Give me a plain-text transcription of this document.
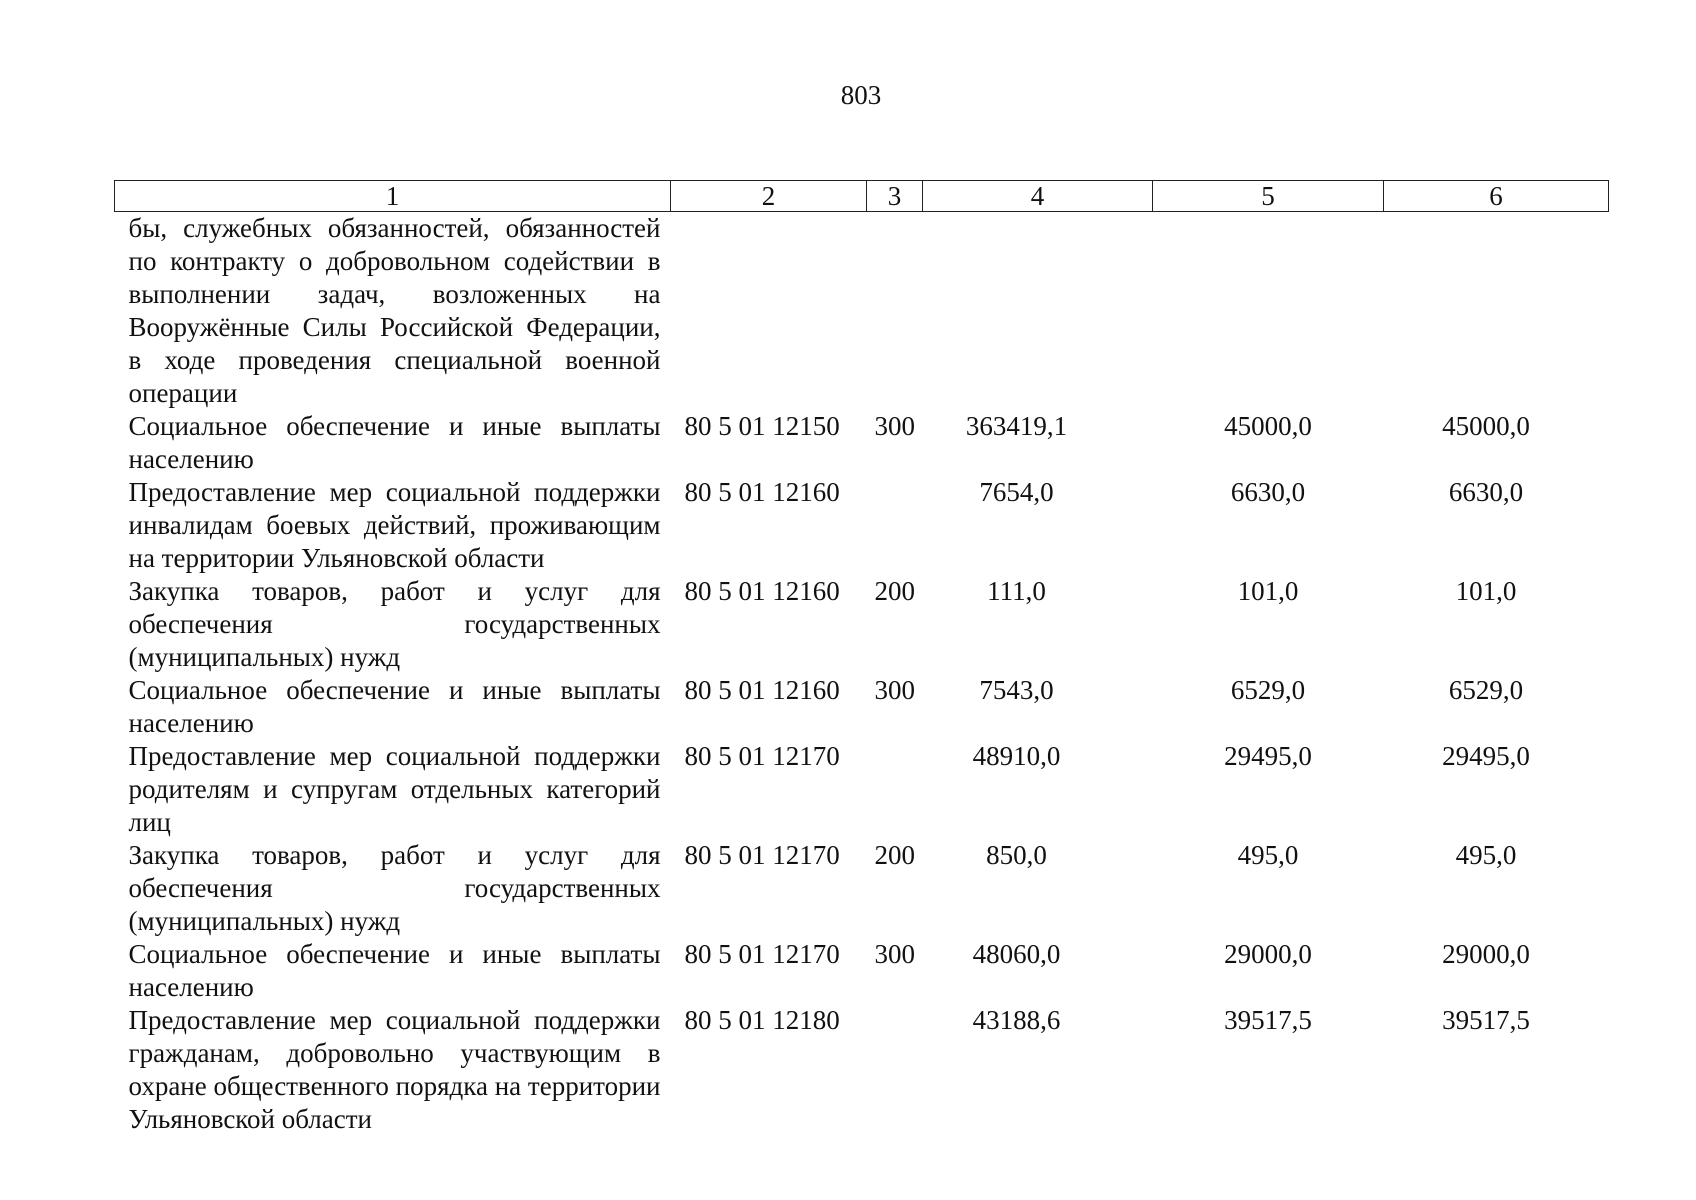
803
1	2	3	4	5	6
бы, служебных обязанностей, обязанностей по контракту о добровольном содействии в выполнении задач, возложенных на Вооружённые Силы Российской Федерации, в ходе проведения специальной военной операции					
Социальное обеспечение и иные выплаты населению	80 5 01 12150	300	363419,1	45000,0	45000,0
Предоставление мер социальной поддержки инвалидам боевых действий, проживающим на территории Ульяновской области	80 5 01 12160		7654,0	6630,0	6630,0
Закупка товаров, работ и услуг для обеспечения государственных (муниципальных) нужд	80 5 01 12160	200	111,0	101,0	101,0
Социальное обеспечение и иные выплаты населению	80 5 01 12160	300	7543,0	6529,0	6529,0
Предоставление мер социальной поддержки родителям и супругам отдельных категорий лиц	80 5 01 12170		48910,0	29495,0	29495,0
Закупка товаров, работ и услуг для обеспечения государственных (муниципальных) нужд	80 5 01 12170	200	850,0	495,0	495,0
Социальное обеспечение и иные выплаты населению	80 5 01 12170	300	48060,0	29000,0	29000,0
Предоставление мер социальной поддержки гражданам, добровольно участвующим в охране общественного порядка на территории Ульяновской области	80 5 01 12180		43188,6	39517,5	39517,5
